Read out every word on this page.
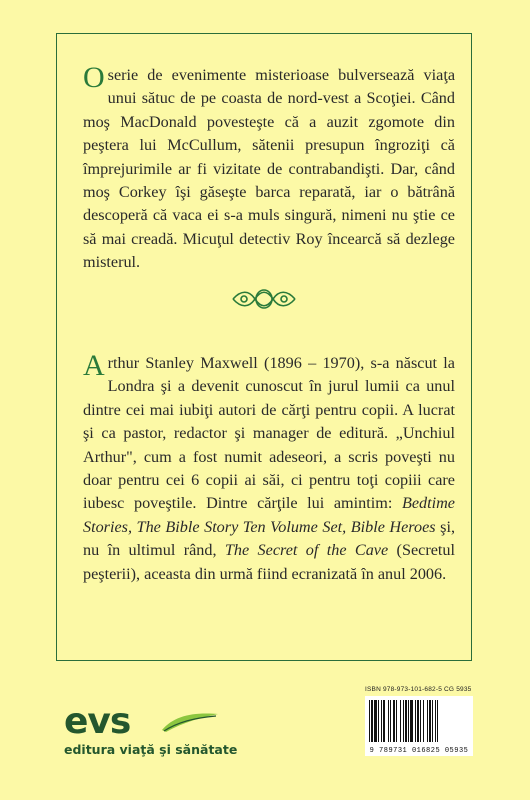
O serie de evenimente misterioase bulversează viaţa unui sătuc de pe coasta de nord-vest a Scoţiei. Când moş MacDonald povesteşte că a auzit zgomote din peştera lui McCullum, sătenii presupun îngroziţi că împrejurimile ar fi vizitate de contrabandişti. Dar, când moş Corkey îşi găseşte barca reparată, iar o bătrână descoperă că vaca ei s-a muls singură, nimeni nu ştie ce să mai creadă. Micuţul detectiv Roy încearcă să dezlege misterul.
Arthur Stanley Maxwell (1896 – 1970), s-a născut la Londra şi a devenit cunoscut în jurul lumii ca unul dintre cei mai iubiţi autori de cărţi pentru copii. A lucrat şi ca pastor, redactor şi manager de editură. „Unchiul Arthur", cum a fost numit adeseori, a scris poveşti nu doar pentru cei 6 copii ai săi, ci pentru toţi copiii care iubesc poveştile. Dintre cărţile lui amintim: Bedtime Stories, The Bible Story Ten Volume Set, Bible Heroes şi, nu în ultimul rând, The Secret of the Cave (Secretul peşterii), aceasta din urmă fiind ecranizată în anul 2006.
ISBN 978-973-101-682-5 CG 5935
9 789731 016825 05935
evs
editura viaţă şi sănătate
